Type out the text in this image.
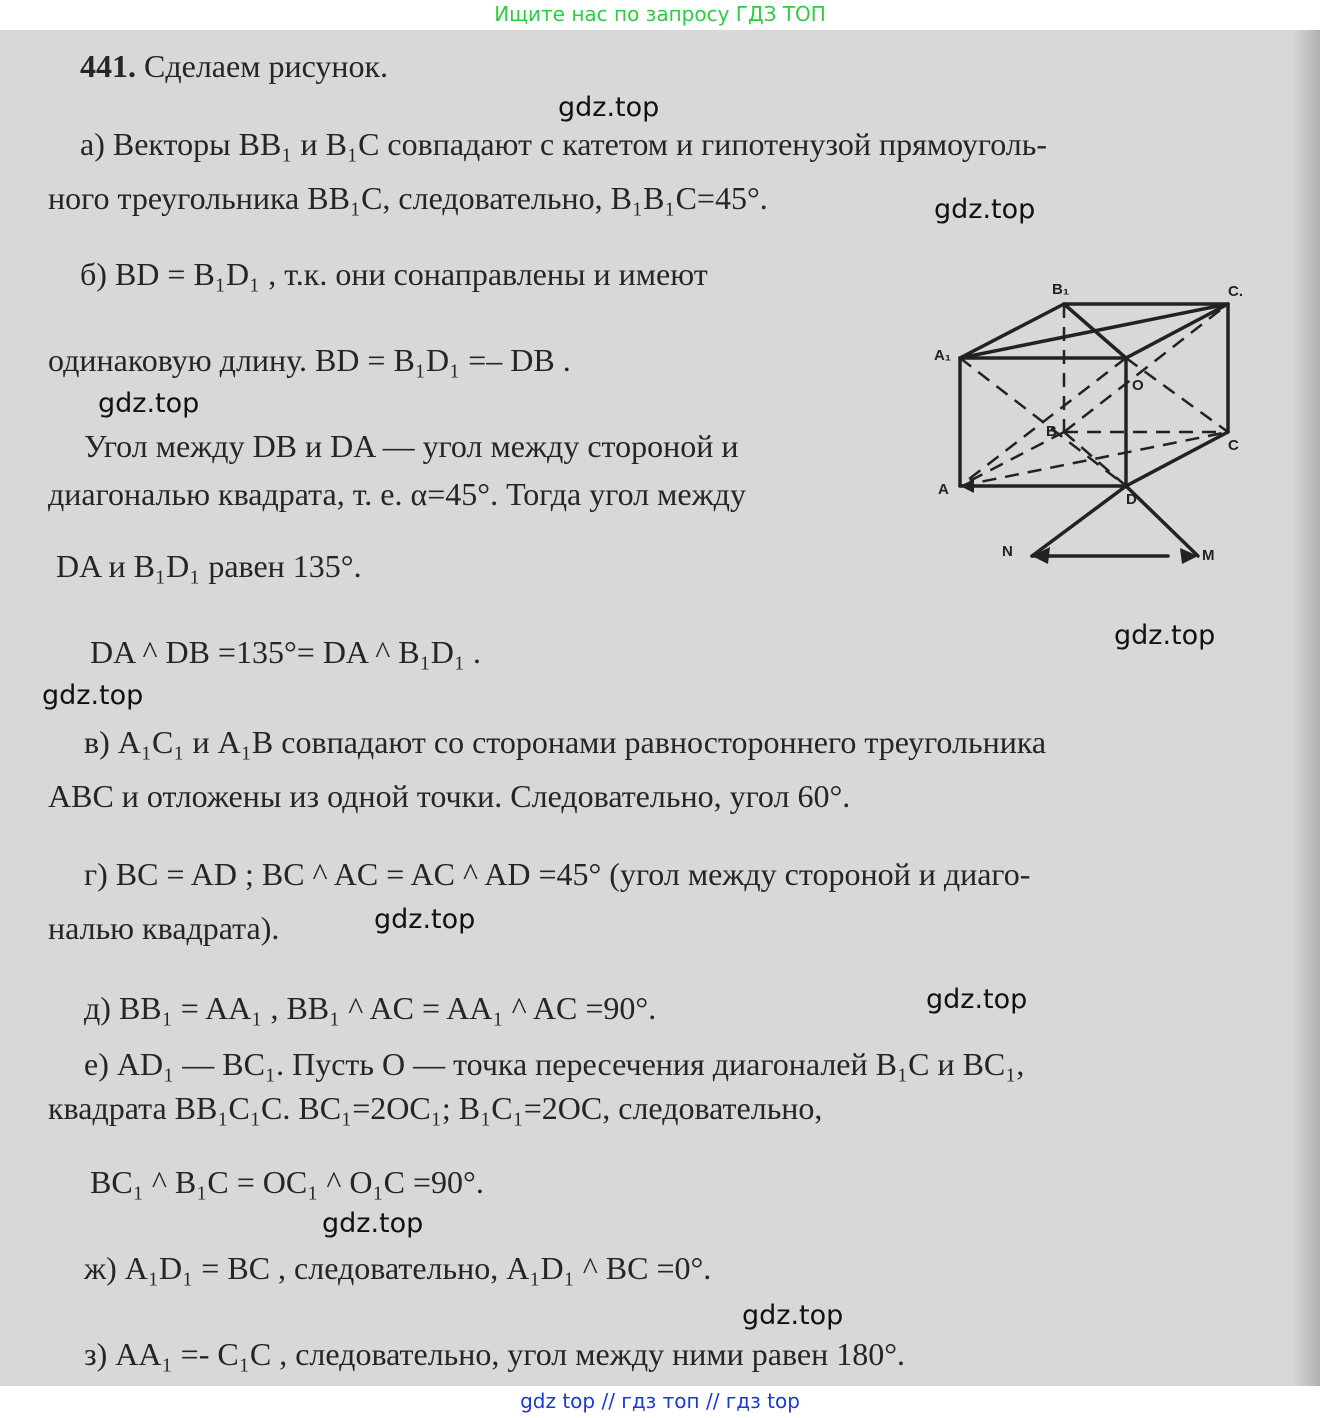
Ищите нас по запросу ГДЗ ТОП
441. Сделаем рисунок.
а) Векторы BB₁ и B₁C совпадают с катетом и гипотенузой прямоуголь-
ного треугольника BB₁C, следовательно, B₁B₁C=45°.
б) BD = B₁D₁ , т.к. они сонаправлены и имеют
одинаковую длину. BD = B₁D₁ =– DB .
Угол между DB и DA — угол между стороной и
диагональю квадрата, т. е. α=45°. Тогда угол между
DA и B₁D₁ равен 135°.
DA ^ DB =135°= DA ^ B₁D₁ .
в) A₁C₁ и A₁B совпадают со сторонами равностороннего треугольника
ABC и отложены из одной точки. Следовательно, угол 60°.
г) BC = AD ; BC ^ AC = AC ^ AD =45° (угол между стороной и диаго-
налью квадрата).
д) BB₁ = AA₁ , BB₁ ^ AC = AA₁ ^ AC =90°.
е) AD₁ — BC₁. Пусть O — точка пересечения диагоналей B₁C и BC₁,
квадрата BB₁C₁C. BC₁=2OC₁; B₁C₁=2OC, следовательно,
BC₁ ^ B₁C = OC₁ ^ O₁C =90°.
ж) A₁D₁ = BC , следовательно, A₁D₁ ^ BC =0°.
з) AA₁ =- C₁C , следовательно, угол между ними равен 180°.
gdz.top
gdz.top
gdz.top
gdz.top
gdz.top
gdz.top
gdz.top
gdz.top
gdz.top
B₁	C.
A₁
O
B
C
A
D
N	M
gdz top // гдз топ // гдз top
